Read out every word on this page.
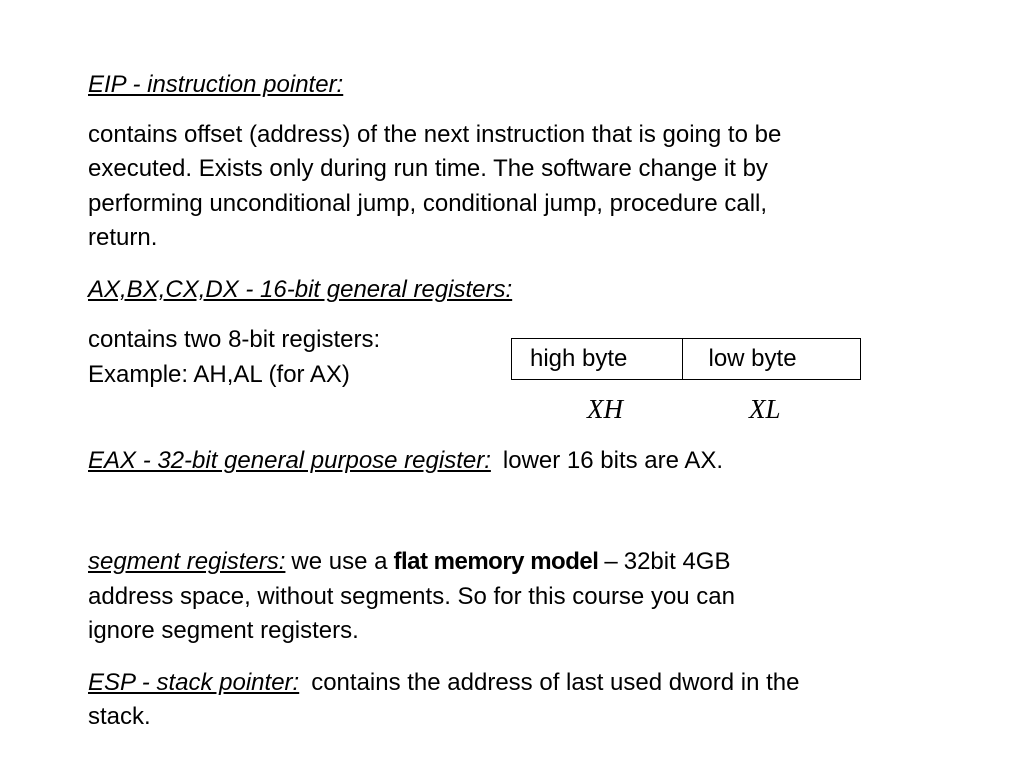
EIP - instruction pointer:
contains offset (address) of the next instruction that is going to be
executed. Exists only during run time. The software change it by
performing unconditional jump, conditional jump, procedure call,
return.
AX,BX,CX,DX - 16-bit general registers:
contains two 8-bit registers:
Example: AH,AL (for AX)
high byte	low byte
XH	XL
EAX - 32-bit general purpose register: lower 16 bits are AX.
segment registers: we use a flat memory model – 32bit 4GB
address space, without segments. So for this course you can
ignore segment registers.
ESP - stack pointer: contains the address of last used dword in the
stack.
